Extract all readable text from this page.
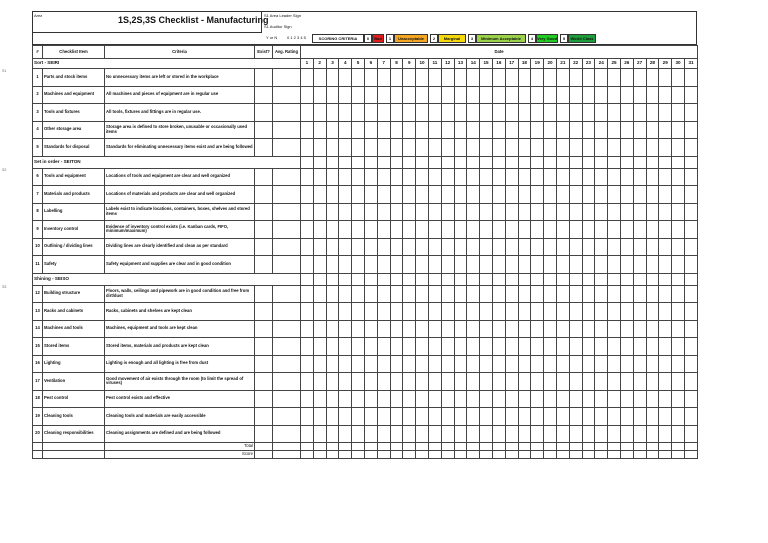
Area	1S,2S,3S Checklist - Manufacturing
S1 Area Leader Sign
S1 Auditor Sign
Y or N 0 1 2 3 4 5	SCORING CRITERIA	0	Bad	1	Unacceptable	2	Marginal	3	Minimum Acceptable	4 Very Good	5	World Class
#	Checklist Item	Criteria	Exist?	Avg. Rating	Date																														
Sort - SEIRI					1	2	3	4	5	6	7	8	9	10	11	12	13	14	15	16	17	18	19	20	21	22	23	24	25	26	27	28	29	30	31
1	Parts and stock items	No unnecessary items are left or stored in the workplace																																	
2	Machines and equipment	All machines and pieces of equipment are in regular use																																	
3	Tools and fixtures	All tools, fixtures and fittings are in regular use.																																	
4	Other storage area	Storage area is defined to store broken, unusable or occasionally used items																																	
5	Standards for disposal	Standards for eliminating unnecessary items exist and are being followed																																	
Set in order - SEITON																																			
6	Tools and equipment	Locations of tools and equipment are clear and well organized																																	
7	Materials and products	Locations of materials and products are clear and well organized																																	
8	Labelling	Labels exist to indicate locations, containers, boxes, shelves and stored items																																	
9	Inventory control	Evidence of inventory control exists (i.e. Kanban cards, FIFO, minimum/maximum)																																	
10	Outlining / dividing lines	Dividing lines are clearly identified and clean as per standard																																	
11	Safety	Safety equipment and supplies are clear and in good condition																																	
Shining - SEISO																																			
12	Building structure	Floors, walls, ceilings and pipework are in good condition and free from dirt/dust																																	
13	Racks and cabinets	Racks, cabinets and shelves are kept clean																																	
14	Machines and tools	Machines, equipment and tools are kept clean																																	
15	Stored items	Stored items, materials and products are kept clean																																	
16	Lighting	Lighting is enough and all lighting is free from dust																																	
17	Ventilation	Good movement of air exists through the room (to limit the spread of viruses)																																	
18	Pest control	Pest control exists and effective																																	
19	Cleaning tools	Cleaning tools and materials are easily accessible																																	
20	Cleaning responsibilities	Cleaning assignments are defined and are being followed																																	
		Total																																	
		Score																																	
S1
S2
S3
